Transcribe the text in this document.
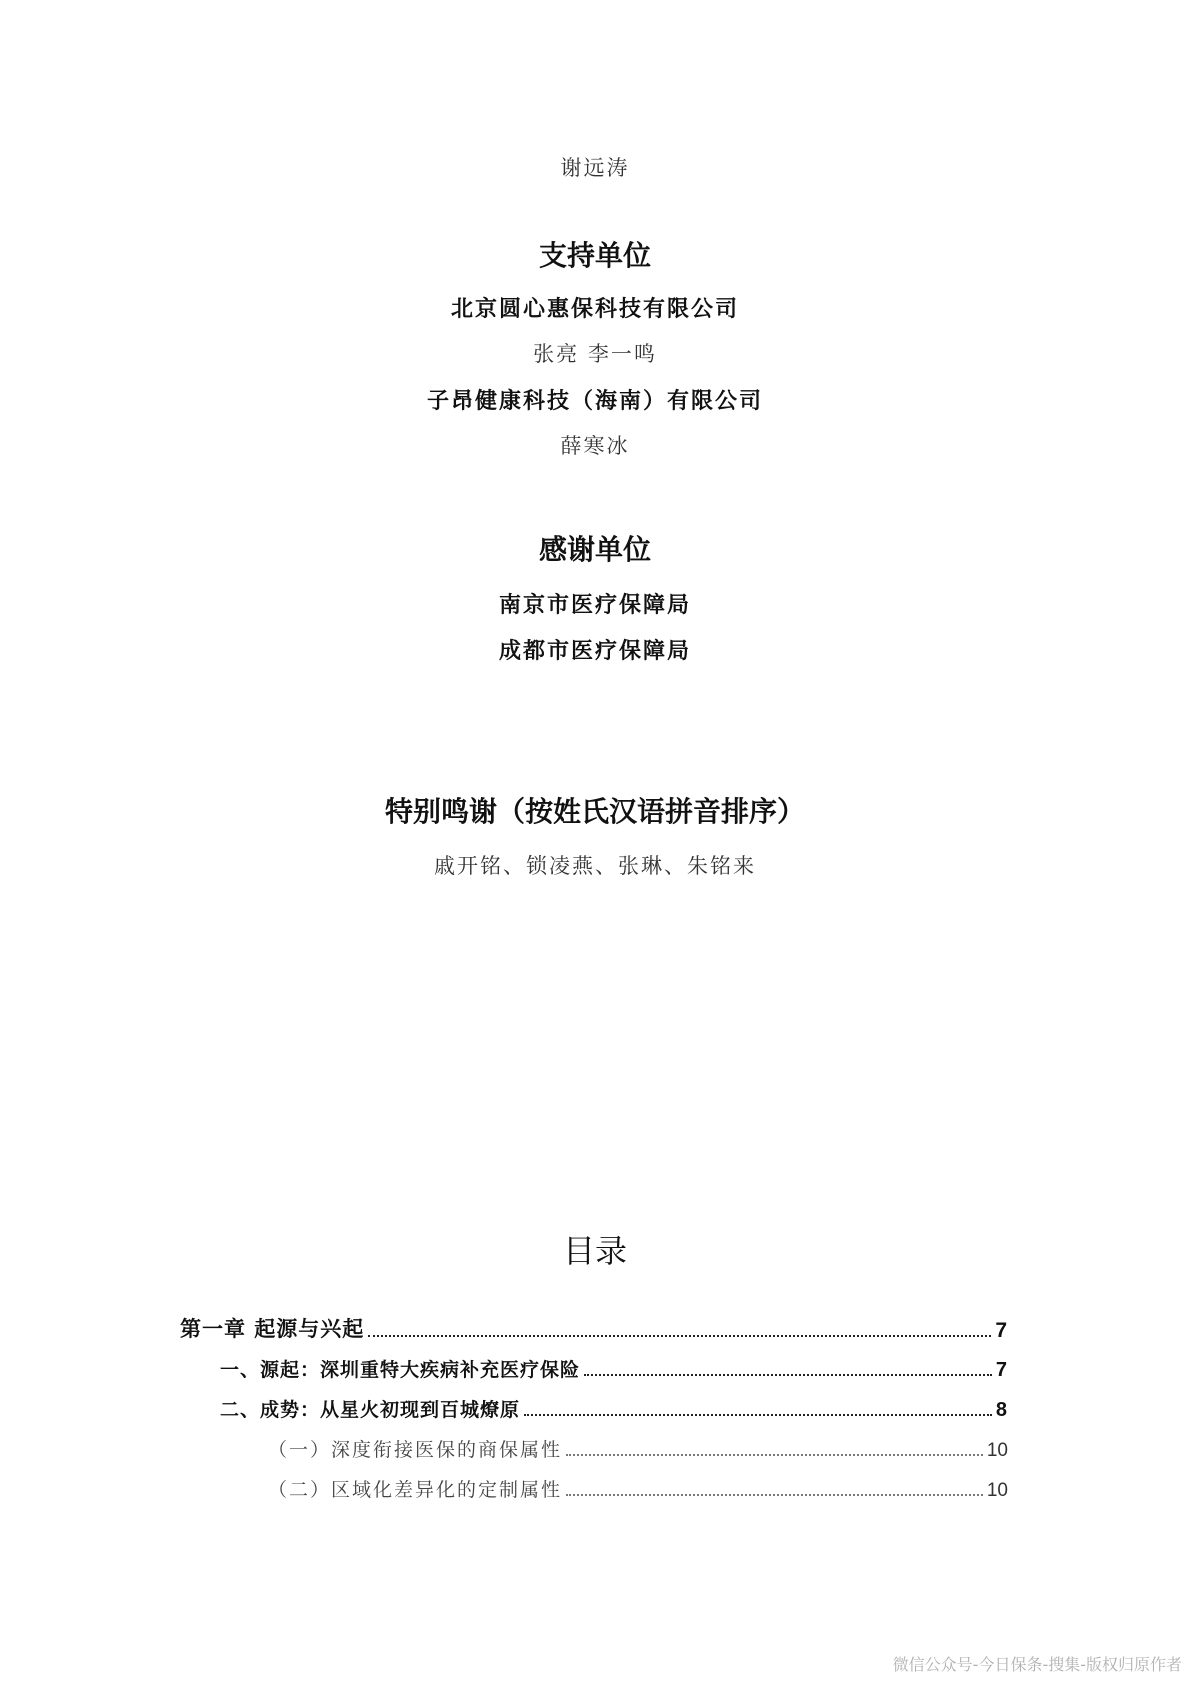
谢远涛
支持单位
北京圆心惠保科技有限公司
张亮 李一鸣
子昂健康科技（海南）有限公司
薛寒冰
感谢单位
南京市医疗保障局
成都市医疗保障局
特别鸣谢（按姓氏汉语拼音排序）
戚开铭、锁凌燕、张琳、朱铭来
目录
第一章 起源与兴起	7
一、源起：深圳重特大疾病补充医疗保险	7
二、成势：从星火初现到百城燎原	8
（一）深度衔接医保的商保属性	10
（二）区域化差异化的定制属性	10
微信公众号-今日保条-搜集-版权归原作者
